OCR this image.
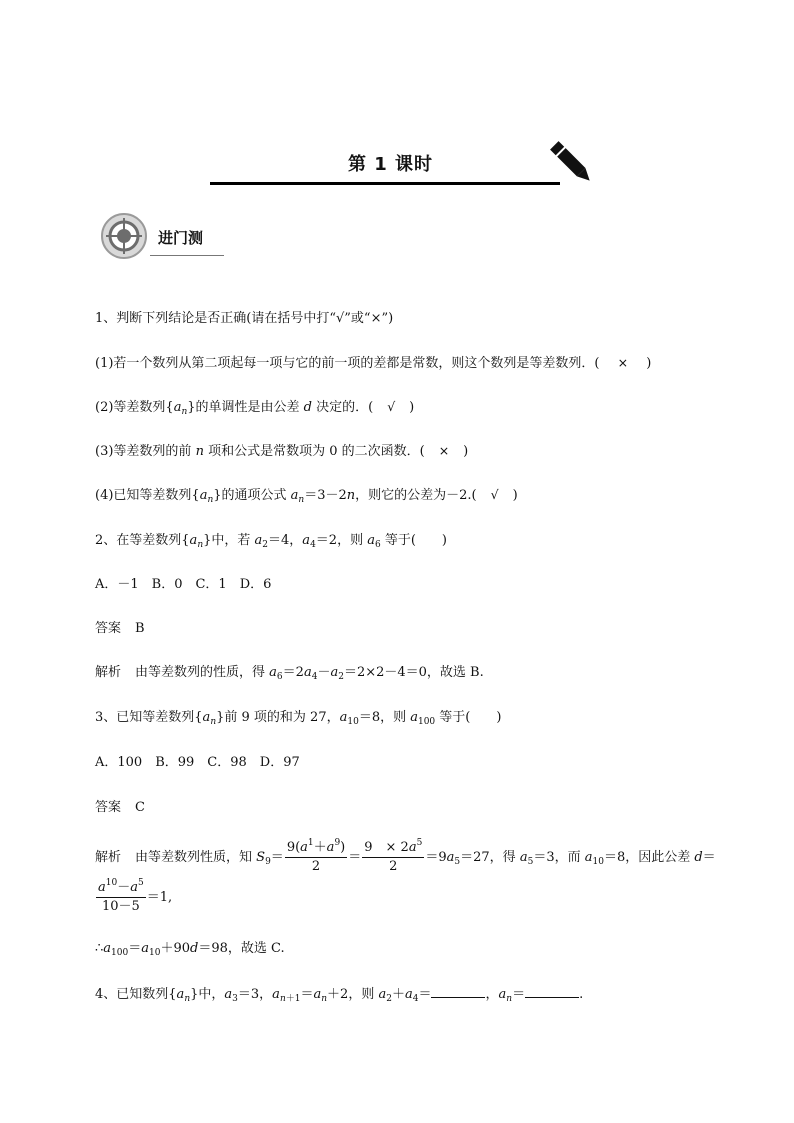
第 1 课时
进门测
1、判断下列结论是否正确(请在括号中打“√”或“×”)
(1)若一个数列从第二项起每一项与它的前一项的差都是常数，则这个数列是等差数列．( × )
(2)等差数列$\{a_n\}$的单调性是由公差 d 决定的．( √ )
(3)等差数列的前 n 项和公式是常数项为 0 的二次函数．( × )
(4)已知等差数列$\{a_n\}$的通项公式 $a_n=3-2n$，则它的公差为－2.( √ )
2、在等差数列$\{a_n\}$中，若 $a_2=4$，$a_4=2$，则 $a_6$ 等于( )
A．－1　B．0　C．1　D．6
答案 B
解析 由等差数列的性质，得 $a_6=2a_4-a_2=2\times 2-4=0$，故选 B.
3、已知等差数列$\{a_n\}$前 9 项的和为 27，$a_{10}=8$，则 $a_{100}$ 等于( )
A．100　B．99　C．98　D．97
答案 C
解析 由等差数列性质，知 $S_9= \frac{9(a^1+a^9)}{2} = \frac{9 \times 2a^5}{2} =9a_5=27$，得 $a_5=3$，而 $a_{10}=8$，因此公差 d＝
$\frac{a^{10}-a^5}{10-5} =1$,
$\therefore a_{100}=a_{10}+90d=98$，故选 C.
4、已知数列$\{a_n\}$中，$a_3=3$，$a_{n+1}=a_n+2$，则 $a_2+a_4=$	，$a_n=$	.
